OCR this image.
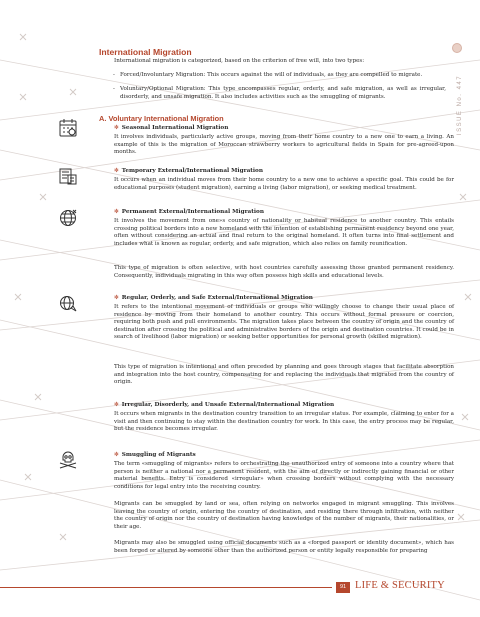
International Migration
ISSUE No. 447

International migration is categorized, based on the criterion of free will, into two types:

- Forced/Involuntary Migration: This occurs against the will of individuals, as they are compelled to migrate.
- Voluntary/Optional Migration: This type encompasses regular, orderly, and safe migration, as well as irregular, disorderly, and unsafe migration. It also includes activities such as the smuggling of migrants.
A. Voluntary International Migration
✻ Seasonal International Migration

It involves individuals, particularly active groups, moving from their home country to a new one to earn a living. An example of this is the migration of Moroccan strawberry workers to agricultural fields in Spain for pre-agreed-upon months.

✻ Temporary External/International Migration

It occurs when an individual moves from their home country to a new one to achieve a specific goal. This could be for educational purposes (student migration), earning a living (labor migration), or seeking medical treatment.

✻ Permanent External/International Migration

It involves the movement from one»s country of nationality or habitual residence to another country. This entails crossing political borders into a new homeland with the intention of establishing permanent residency beyond one year, often without considering an actual and final return to the original homeland. It often turns into final settlement and includes what is known as regular, orderly, and safe migration, which also relies on family reunification.

This type of migration is often selective, with host countries carefully assessing those granted permanent residency. Consequently, individuals migrating in this way often possess high skills and educational levels.

✻ Regular, Orderly, and Safe External/International Migration

It refers to the intentional movement of individuals or groups who willingly choose to change their usual place of residence by moving from their homeland to another country. This occurs without formal pressure or coercion, requiring both push and pull environments. The migration takes place between the country of origin and the country of destination after crossing the political and administrative borders of the origin and destination countries. It could be in search of livelihood (labor migration) or seeking better opportunities for personal growth (skilled migration).

This type of migration is intentional and often preceded by planning and goes through stages that facilitate absorption and integration into the host country, compensating for and replacing the individuals that migrated from the country of origin.

✻ Irregular, Disorderly, and Unsafe External/International Migration

It occurs when migrants in the destination country transition to an irregular status. For example, claiming to enter for a visit and then continuing to stay within the destination country for work. In this case, the entry process may be regular, but the residence becomes irregular.

✻ Smuggling of Migrants

The term «smuggling of migrants» refers to orchestrating the unauthorized entry of someone into a country where that person is neither a national nor a permanent resident, with the aim of directly or indirectly gaining financial or other material benefits. Entry is considered «irregular» when crossing borders without complying with the necessary conditions for legal entry into the receiving country.

Migrants can be smuggled by land or sea, often relying on networks engaged in migrant smuggling. This involves leaving the country of origin, entering the country of destination, and residing there through infiltration, with neither the country of origin nor the country of destination having knowledge of the number of migrants, their nationalities, or their age.

Migrants may also be smuggled using official documents such as a «forged passport or identity document», which has been forged or altered by someone other than the authorized person or entity legally responsible for preparing

91 LIFE & SECURITY
